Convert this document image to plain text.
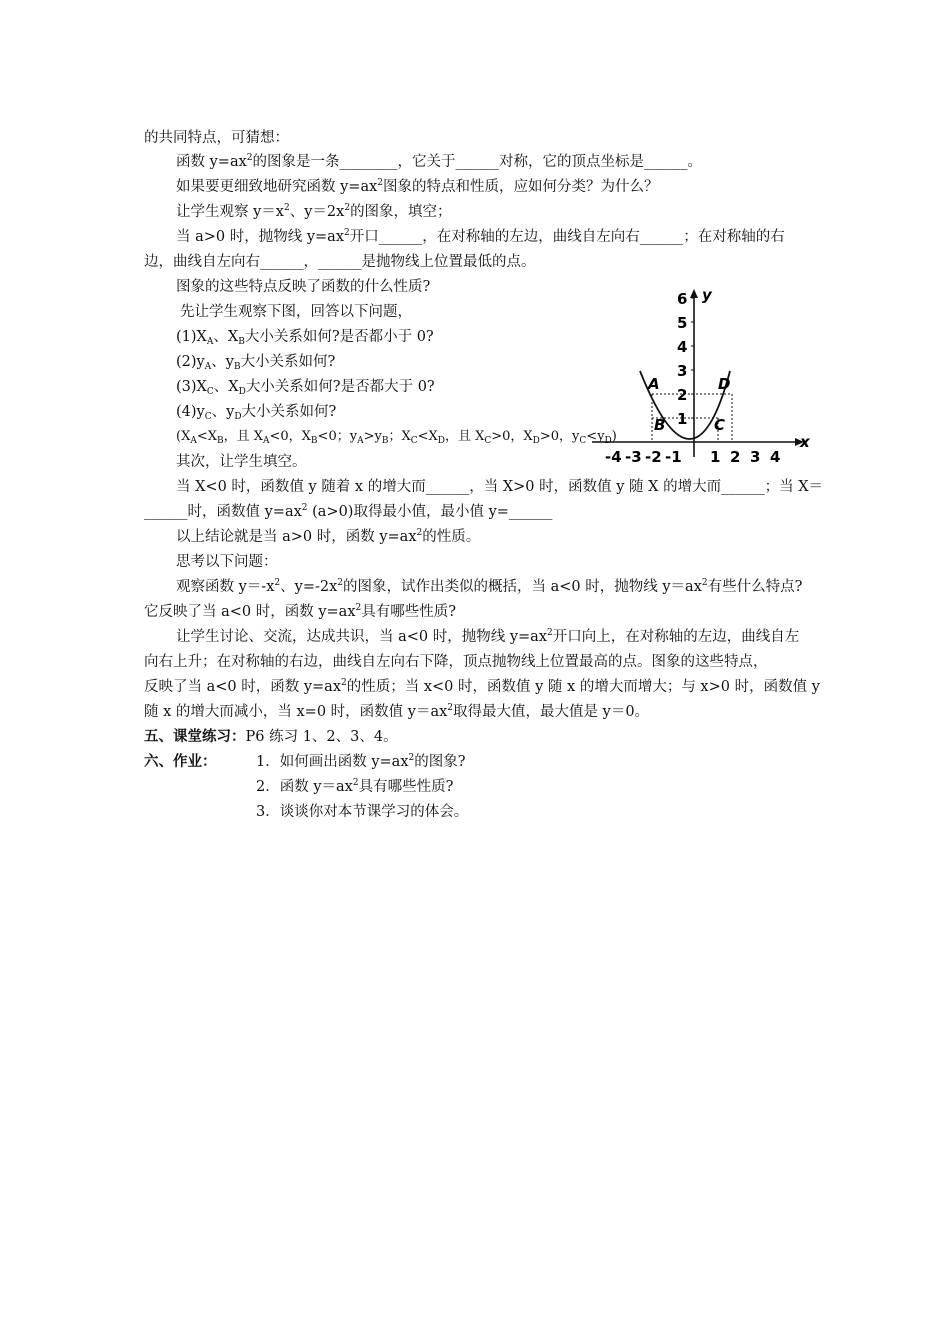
的共同特点，可猜想：
函数 $y=ax^2$的图象是一条________，它关于______对称，它的顶点坐标是______。
如果要更细致地研究函数 $y=ax^2$图象的特点和性质，应如何分类？为什么？
让学生观察 $y=x^2$、$y=2x^2$的图象，填空；
当 a>0 时，抛物线 $y=ax^2$开口______，在对称轴的左边，曲线自左向右______；在对称轴的右
边，曲线自左向右______，______是抛物线上位置最低的点。
图象的这些特点反映了函数的什么性质?
先让学生观察下图，回答以下问题，
$(1)X_A$、$X_B$大小关系如何?是否都小于 0?
$(2)y_A$、$y_B$大小关系如何?
$(3)X_C$、$X_D$大小关系如何?是否都大于 0?
$(4)y_C$、$y_D$大小关系如何?
($X_A<X_B$，且 $X_A<0$，$X_B<0$；$y_A>y_B$；$X_C<X_D$，且 $X_C>0$，$X_D>0$，$y_C<y_D$)
其次，让学生填空。
当 X<0 时，函数值 y 随着 x 的增大而______，当 X>0 时，函数值 y 随 X 的增大而______；当 X＝
______时，函数值 $y=ax^2$ (a>0)取得最小值，最小值 y=______
以上结论就是当 a>0 时，函数 $y=ax^2$的性质。
思考以下问题：
观察函数 $y=-x^2$、$y=-2x^2$的图象，试作出类似的概括，当 a<0 时，抛物线 $y=ax^2$有些什么特点?
它反映了当 a<0 时，函数 $y=ax^2$具有哪些性质?
让学生讨论、交流，达成共识，当 a<0 时，抛物线 $y=ax^2$开口向上，在对称轴的左边，曲线自左
向右上升；在对称轴的右边，曲线自左向右下降，顶点抛物线上位置最高的点。图象的这些特点，
反映了当 a<0 时，函数 $y=ax^2$的性质；当 x<0 时，函数值 y 随 x 的增大而增大；与 x>0 时，函数值 y
随 x 的增大而减小，当 x=0 时，函数值 $y=ax^2$取得最大值，最大值是 y＝0。
五、课堂练习：P6 练习 1、2、3、4。
六、作业：	1．如何画出函数 $y=ax^2$的图象?
2．函数 $y=ax^2$具有哪些性质?
3．谈谈你对本节课学习的体会。
x
y
-4 -3 -2 -1 1 2 3 4
1
2
3
4
5
6
A
B	C
D
